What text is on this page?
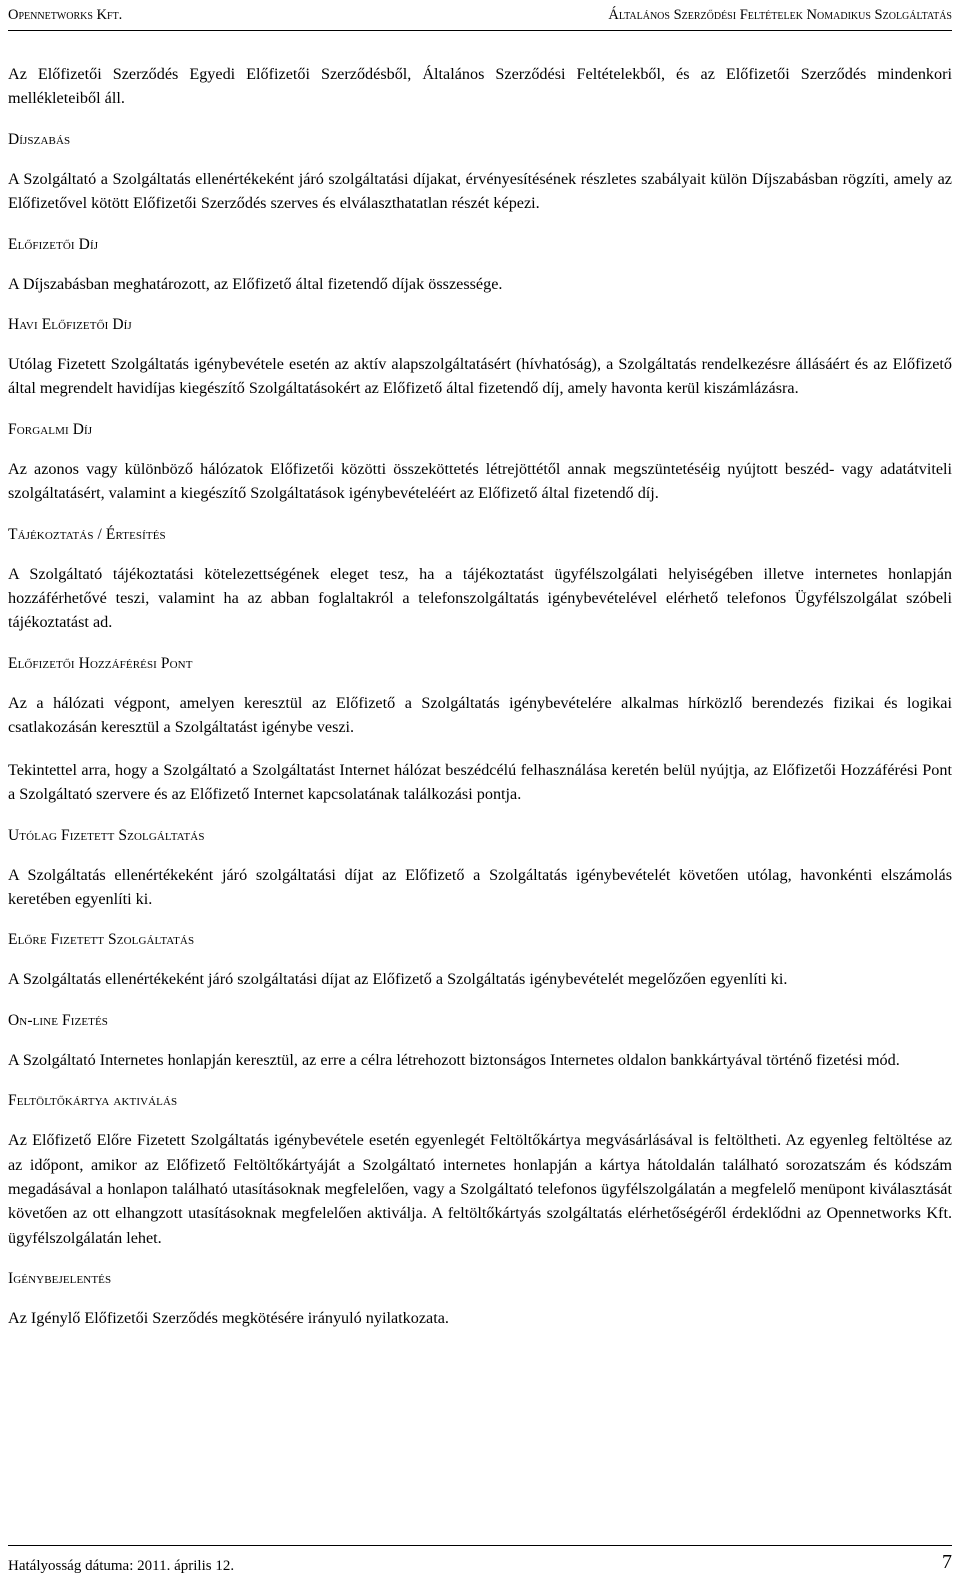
Opennetworks Kft.	Általános Szerződési Feltételek Nomadikus Szolgáltatás

Az Előfizetői Szerződés Egyedi Előfizetői Szerződésből, Általános Szerződési Feltételekből, és az Előfizetői Szerződés mindenkori mellékleteiből áll.

Díjszabás

A Szolgáltató a Szolgáltatás ellenértékeként járó szolgáltatási díjakat, érvényesítésének részletes szabályait külön Díjszabásban rögzíti, amely az Előfizetővel kötött Előfizetői Szerződés szerves és elválaszthatatlan részét képezi.

Előfizetői Díj

A Díjszabásban meghatározott, az Előfizető által fizetendő díjak összessége.

Havi Előfizetői Díj

Utólag Fizetett Szolgáltatás igénybevétele esetén az aktív alapszolgáltatásért (hívhatóság), a Szolgáltatás rendelkezésre állásáért és az Előfizető által megrendelt havidíjas kiegészítő Szolgáltatásokért az Előfizető által fizetendő díj, amely havonta kerül kiszámlázásra.

Forgalmi Díj

Az azonos vagy különböző hálózatok Előfizetői közötti összeköttetés létrejöttétől annak megszüntetéséig nyújtott beszéd- vagy adatátviteli szolgáltatásért, valamint a kiegészítő Szolgáltatások igénybevételéért az Előfizető által fizetendő díj.

Tájékoztatás / Értesítés

A Szolgáltató tájékoztatási kötelezettségének eleget tesz, ha a tájékoztatást ügyfélszolgálati helyiségében illetve internetes honlapján hozzáférhetővé teszi, valamint ha az abban foglaltakról a telefonszolgáltatás igénybevételével elérhető telefonos Ügyfélszolgálat szóbeli tájékoztatást ad.

Előfizetői Hozzáférési Pont

Az a hálózati végpont, amelyen keresztül az Előfizető a Szolgáltatás igénybevételére alkalmas hírközlő berendezés fizikai és logikai csatlakozásán keresztül a Szolgáltatást igénybe veszi.

Tekintettel arra, hogy a Szolgáltató a Szolgáltatást Internet hálózat beszédcélú felhasználása keretén belül nyújtja, az Előfizetői Hozzáférési Pont a Szolgáltató szervere és az Előfizető Internet kapcsolatának találkozási pontja.

Utólag Fizetett Szolgáltatás

A Szolgáltatás ellenértékeként járó szolgáltatási díjat az Előfizető a Szolgáltatás igénybevételét követően utólag, havonkénti elszámolás keretében egyenlíti ki.

Előre Fizetett Szolgáltatás

A Szolgáltatás ellenértékeként járó szolgáltatási díjat az Előfizető a Szolgáltatás igénybevételét megelőzően egyenlíti ki.

On-line Fizetés

A Szolgáltató Internetes honlapján keresztül, az erre a célra létrehozott biztonságos Internetes oldalon bankkártyával történő fizetési mód.

Feltöltőkártya aktiválás

Az Előfizető Előre Fizetett Szolgáltatás igénybevétele esetén egyenlegét Feltöltőkártya megvásárlásával is feltöltheti. Az egyenleg feltöltése az az időpont, amikor az Előfizető Feltöltőkártyáját a Szolgáltató internetes honlapján a kártya hátoldalán található sorozatszám és kódszám megadásával a honlapon található utasításoknak megfelelően, vagy a Szolgáltató telefonos ügyfélszolgálatán a megfelelő menüpont kiválasztását követően az ott elhangzott utasításoknak megfelelően aktiválja. A feltöltőkártyás szolgáltatás elérhetőségéről érdeklődni az Opennetworks Kft. ügyfélszolgálatán lehet.

Igénybejelentés

Az Igénylő Előfizetői Szerződés megkötésére irányuló nyilatkozata.

Hatályosság dátuma: 2011. április 12.	7
